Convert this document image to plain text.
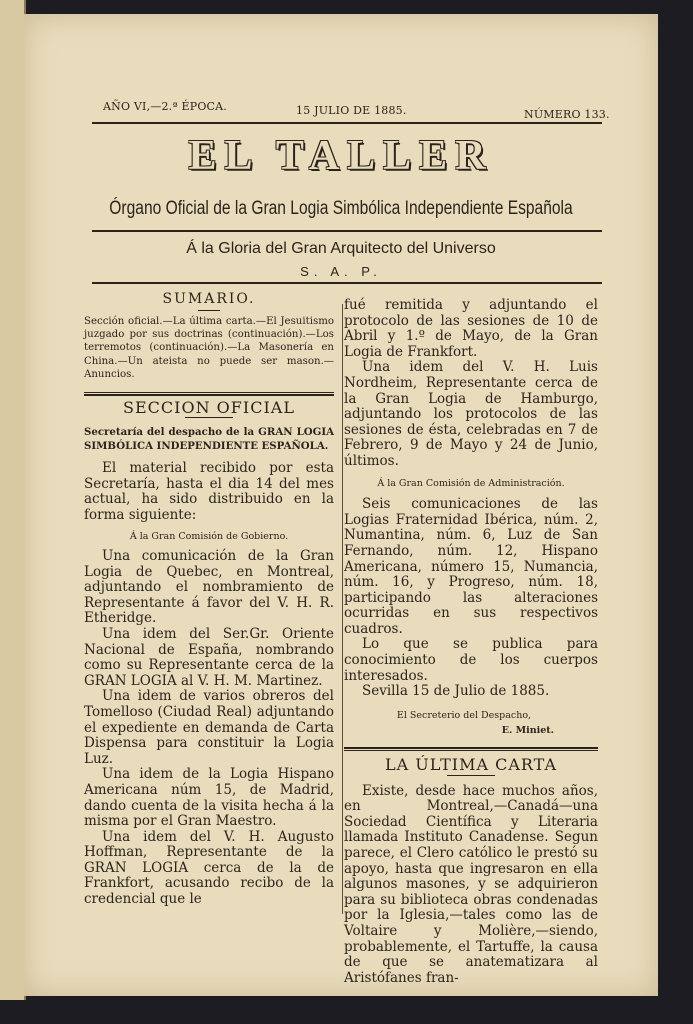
AÑO VI,—2.ª ÉPOCA.	15 JULIO DE 1885.	NÚMERO 133.
EL TALLER
Órgano Oficial de la Gran Logia Simbólica Independiente Española
Á la Gloria del Gran Arquitecto del Universo
S. A. P.
SUMARIO.
Sección oficial.—La última carta.—El Jesuitismo juzgado por sus doctrinas (continuación).—Los terremotos (continuación).—La Masonería en China.—Un ateista no puede ser mason.—Anuncios.
SECCION OFICIAL
Secretaría del despacho de la GRAN LOGIA SIMBÓLICA INDEPENDIENTE ESPAÑOLA.

El material recibido por esta Secretaría, hasta el dia 14 del mes actual, ha sido distribuido en la forma siguiente:

Á la Gran Comisión de Gobierno.

Una comunicación de la Gran Logia de Quebec, en Montreal, adjuntando el nombramiento de Representante á favor del V. H. R. Etheridge.

Una idem del Ser.Gr. Oriente Nacional de España, nombrando como su Representante cerca de la GRAN LOGIA al V. H. M. Martinez.

Una idem de varios obreros del Tomelloso (Ciudad Real) adjuntando el expediente en demanda de Carta Dispensa para constituir la Logia Luz.

Una idem de la Logia Hispano Americana núm 15, de Madrid, dando cuenta de la visita hecha á la misma por el Gran Maestro.

Una idem del V. H. Augusto Hoffman, Representante de la GRAN LOGIA cerca de la de Frankfort, acusando recibo de la credencial que le

fué remitida y adjuntando el protocolo de las sesiones de 10 de Abril y 1.º de Mayo, de la Gran Logia de Frankfort.

Una idem del V. H. Luis Nordheim, Representante cerca de la Gran Logia de Hamburgo, adjuntando los protocolos de las sesiones de ésta, celebradas en 7 de Febrero, 9 de Mayo y 24 de Junio, últimos.

Á la Gran Comisión de Administración.

Seis comunicaciones de las Logias Fraternidad Ibérica, núm. 2, Numantina, núm. 6, Luz de San Fernando, núm. 12, Hispano Americana, número 15, Numancia, núm. 16, y Progreso, núm. 18, participando las alteraciones ocurridas en sus respectivos cuadros.

Lo que se publica para conocimiento de los cuerpos interesados.

Sevilla 15 de Julio de 1885.

El Secreterio del Despacho,
E. Miniet.
LA ÚLTIMA CARTA

Existe, desde hace muchos años, en Montreal,—Canadá—una Sociedad Científica y Literaria llamada Instituto Canadense. Segun parece, el Clero católico le prestó su apoyo, hasta que ingresaron en ella algunos masones, y se adquirieron para su biblioteca obras condenadas por la Iglesia,—tales como las de Voltaire y Molière,—siendo, probablemente, el Tartuffe, la causa de que se anatematizara al Aristófanes fran-
